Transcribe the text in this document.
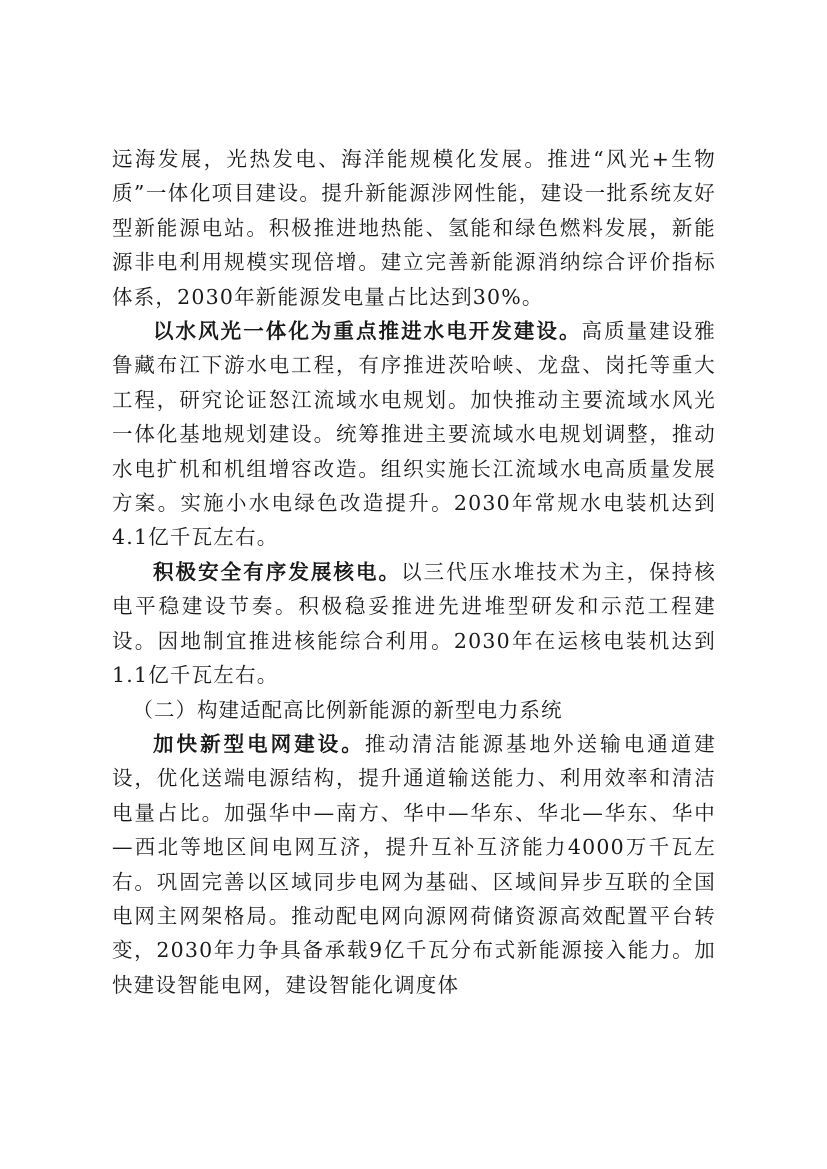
远海发展，光热发电、海洋能规模化发展。推进“风光+生物质”一体化项目建设。提升新能源涉网性能，建设一批系统友好型新能源电站。积极推进地热能、氢能和绿色燃料发展，新能源非电利用规模实现倍增。建立完善新能源消纳综合评价指标体系，2030年新能源发电量占比达到30%。

以水风光一体化为重点推进水电开发建设。高质量建设雅鲁藏布江下游水电工程，有序推进茨哈峡、龙盘、岗托等重大工程，研究论证怒江流域水电规划。加快推动主要流域水风光一体化基地规划建设。统筹推进主要流域水电规划调整，推动水电扩机和机组增容改造。组织实施长江流域水电高质量发展方案。实施小水电绿色改造提升。2030年常规水电装机达到4.1亿千瓦左右。

积极安全有序发展核电。以三代压水堆技术为主，保持核电平稳建设节奏。积极稳妥推进先进堆型研发和示范工程建设。因地制宜推进核能综合利用。2030年在运核电装机达到1.1亿千瓦左右。

（二）构建适配高比例新能源的新型电力系统

加快新型电网建设。推动清洁能源基地外送输电通道建设，优化送端电源结构，提升通道输送能力、利用效率和清洁电量占比。加强华中—南方、华中—华东、华北—华东、华中—西北等地区间电网互济，提升互补互济能力4000万千瓦左右。巩固完善以区域同步电网为基础、区域间异步互联的全国电网主网架格局。推动配电网向源网荷储资源高效配置平台转变，2030年力争具备承载9亿千瓦分布式新能源接入能力。加快建设智能电网，建设智能化调度体
